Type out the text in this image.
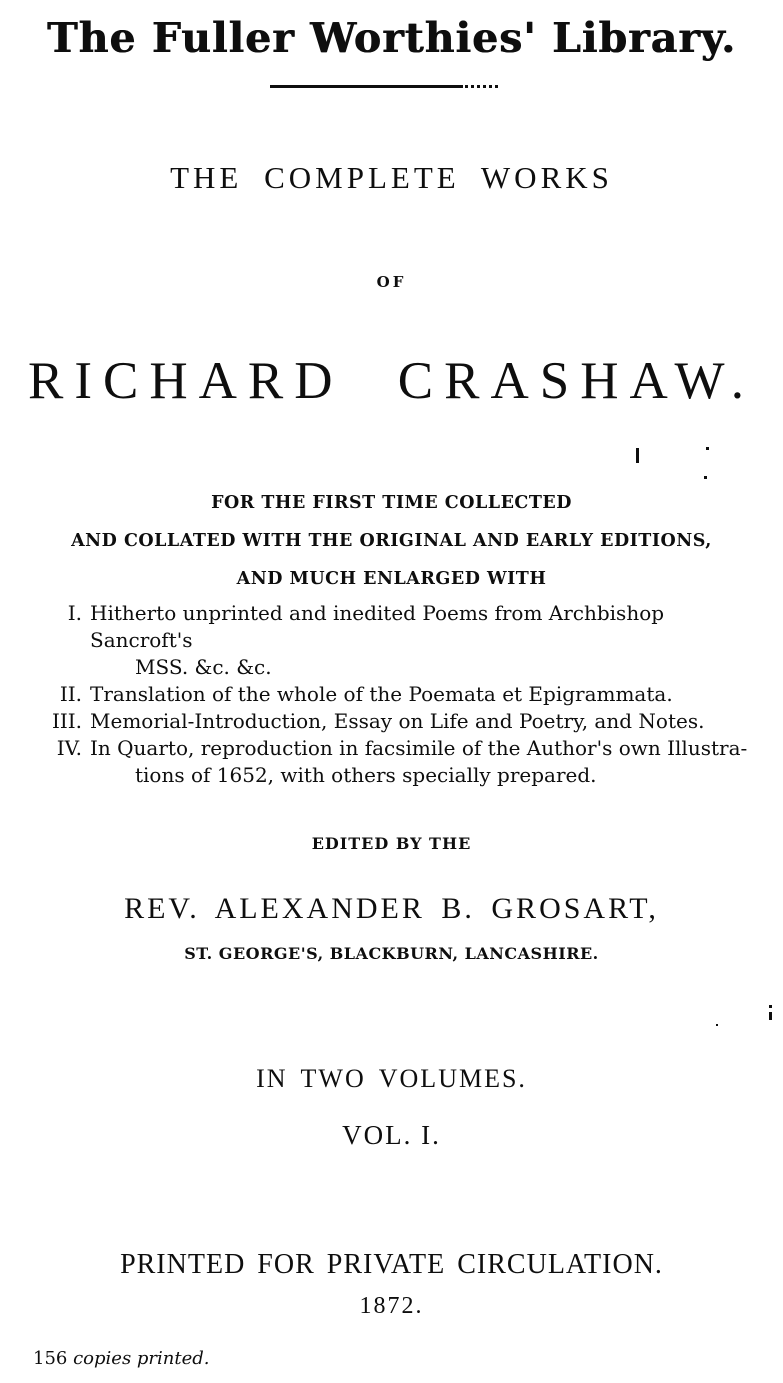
The Fuller Worthies' Library.
THE COMPLETE WORKS
OF
RICHARD CRASHAW.
FOR THE FIRST TIME COLLECTED
AND COLLATED WITH THE ORIGINAL AND EARLY EDITIONS,
AND MUCH ENLARGED WITH
I. Hitherto unprinted and inedited Poems from Archbishop Sancroft's
MSS. &c. &c.
II. Translation of the whole of the Poemata et Epigrammata.
III. Memorial-Introduction, Essay on Life and Poetry, and Notes.
IV. In Quarto, reproduction in facsimile of the Author's own Illustra-
tions of 1652, with others specially prepared.
EDITED BY THE
REV. ALEXANDER B. GROSART,
ST. GEORGE'S, BLACKBURN, LANCASHIRE.
IN TWO VOLUMES.
VOL. I.
PRINTED FOR PRIVATE CIRCULATION.
1872.
156 copies printed.
